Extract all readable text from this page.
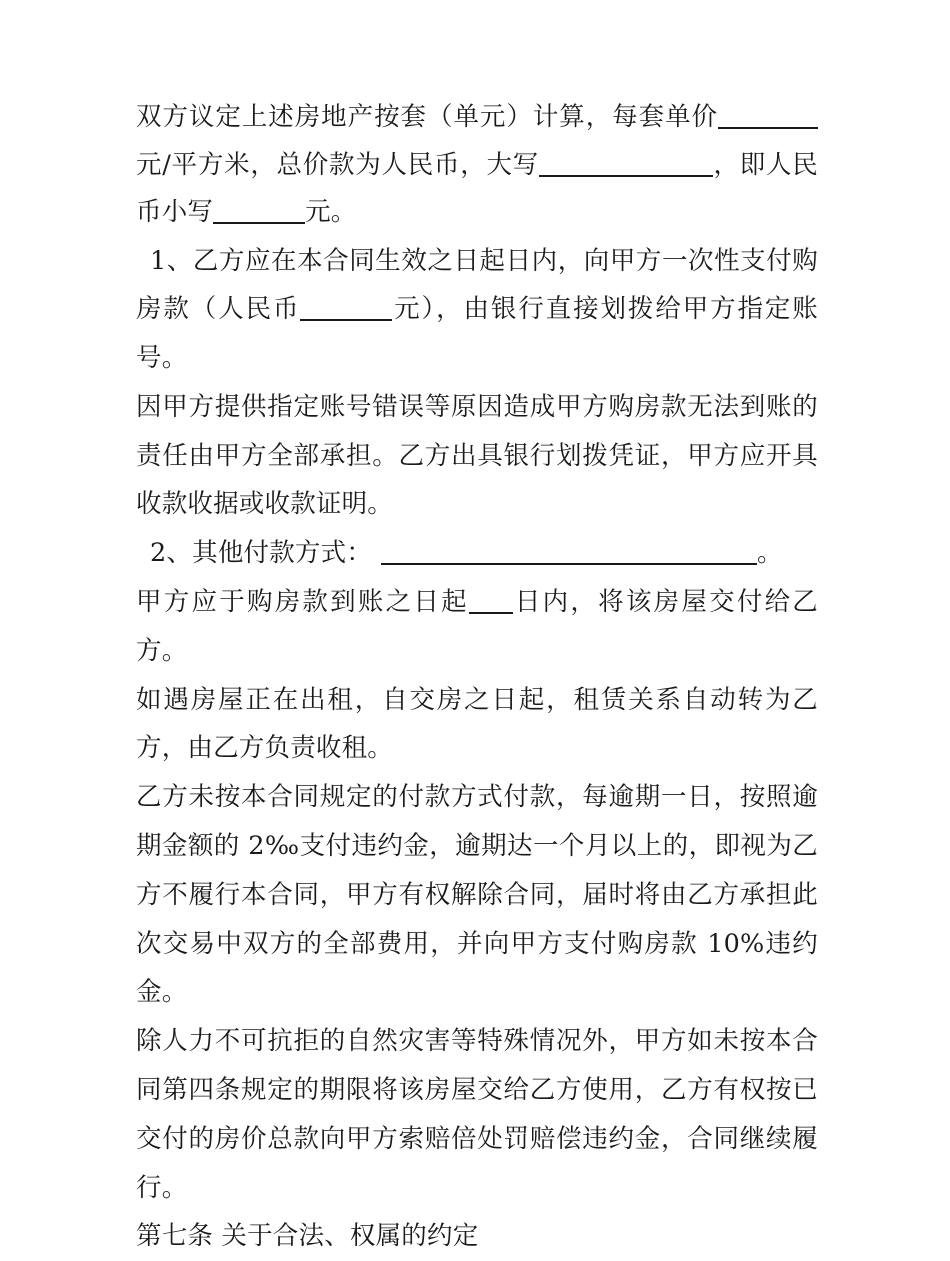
双方议定上述房地产按套（单元）计算，每套单价元/平方米，总价款为人民币，大写	，即人民币小写	元。

1、乙方应在本合同生效之日起日内，向甲方一次性支付购房款（人民币	元），由银行直接划拨给甲方指定账号。

因甲方提供指定账号错误等原因造成甲方购房款无法到账的责任由甲方全部承担。乙方出具银行划拨凭证，甲方应开具收款收据或收款证明。

2、其他付款方式：	。

甲方应于购房款到账之日起 日内，将该房屋交付给乙方。

如遇房屋正在出租，自交房之日起，租赁关系自动转为乙方，由乙方负责收租。

乙方未按本合同规定的付款方式付款，每逾期一日，按照逾期金额的 2‰支付违约金，逾期达一个月以上的，即视为乙方不履行本合同，甲方有权解除合同，届时将由乙方承担此次交易中双方的全部费用，并向甲方支付购房款 10%违约金。

除人力不可抗拒的自然灾害等特殊情况外，甲方如未按本合同第四条规定的期限将该房屋交给乙方使用，乙方有权按已交付的房价总款向甲方索赔倍处罚赔偿违约金，合同继续履行。

第七条 关于合法、权属的约定
